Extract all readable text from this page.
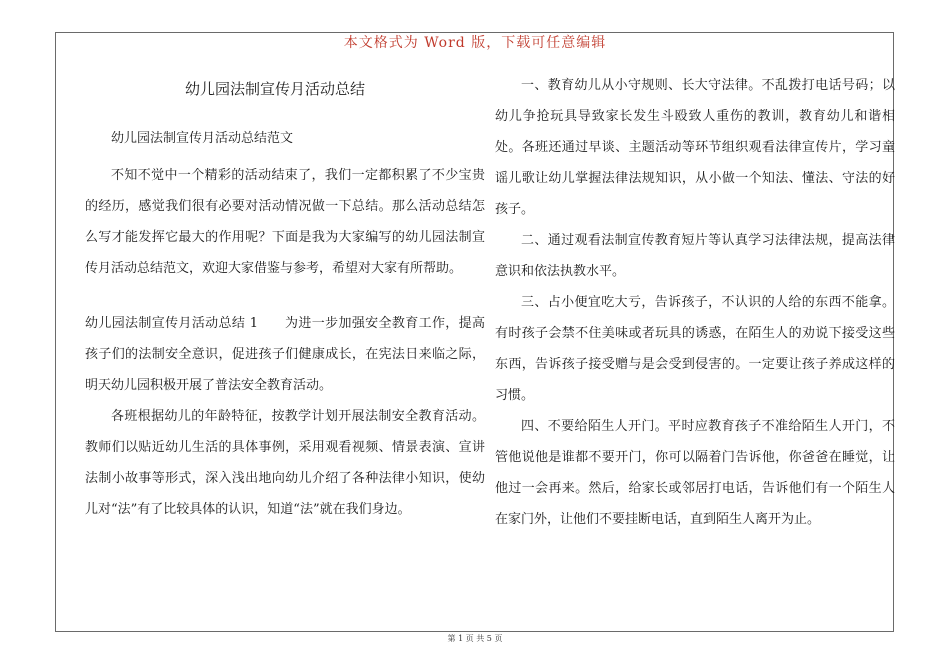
本文格式为 Word 版，下载可任意编辑
幼儿园法制宣传月活动总结

幼儿园法制宣传月活动总结范文

不知不觉中一个精彩的活动结束了，我们一定都积累了不少宝贵的经历，感觉我们很有必要对活动情况做一下总结。那么活动总结怎么写才能发挥它最大的作用呢？下面是我为大家编写的幼儿园法制宣传月活动总结范文，欢迎大家借鉴与参考，希望对大家有所帮助。

幼儿园法制宣传月活动总结 1　　为进一步加强安全教育工作，提高孩子们的法制安全意识，促进孩子们健康成长，在宪法日来临之际，明天幼儿园积极开展了普法安全教育活动。

各班根据幼儿的年龄特征，按教学计划开展法制安全教育活动。教师们以贴近幼儿生活的具体事例，采用观看视频、情景表演、宣讲法制小故事等形式，深入浅出地向幼儿介绍了各种法律小知识，使幼儿对“法”有了比较具体的认识，知道“法”就在我们身边。

一、教育幼儿从小守规则、长大守法律。不乱拨打电话号码；以幼儿争抢玩具导致家长发生斗殴致人重伤的教训，教育幼儿和谐相处。各班还通过早谈、主题活动等环节组织观看法律宣传片，学习童谣儿歌让幼儿掌握法律法规知识，从小做一个知法、懂法、守法的好孩子。

二、通过观看法制宣传教育短片等认真学习法律法规，提高法律意识和依法执教水平。

三、占小便宜吃大亏，告诉孩子，不认识的人给的东西不能拿。有时孩子会禁不住美味或者玩具的诱惑，在陌生人的劝说下接受这些东西，告诉孩子接受赠与是会受到侵害的。一定要让孩子养成这样的习惯。

四、不要给陌生人开门。平时应教育孩子不准给陌生人开门，不管他说他是谁都不要开门，你可以隔着门告诉他，你爸爸在睡觉，让他过一会再来。然后，给家长或邻居打电话，告诉他们有一个陌生人在家门外，让他们不要挂断电话，直到陌生人离开为止。

第 1 页 共 5 页
